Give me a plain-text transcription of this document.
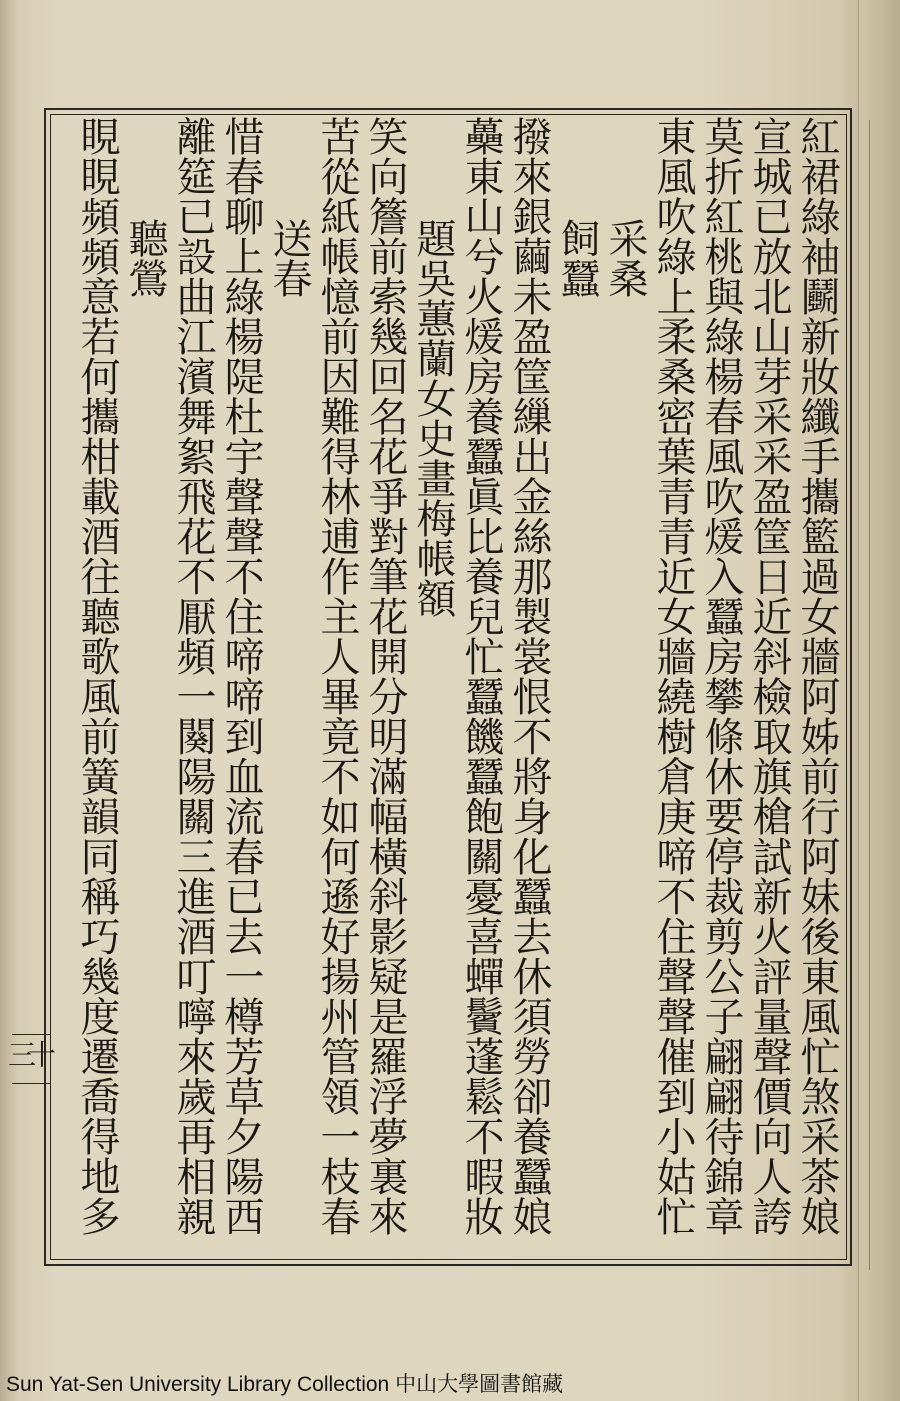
紅裙綠袖鬬新妝纖手攜籃過女牆阿姊前行阿妹後東風忙煞采茶娘
宣城已放北山芽采采盈筐日近斜檢取旗槍試新火評量聲價向人誇
莫折紅桃與綠楊春風吹煖入蠶房攀條休要停裁剪公子翩翩待錦章
東風吹綠上柔桑密葉青青近女牆繞樹倉庚啼不住聲聲催到小姑忙
　采桑
　飼蠶
撥來銀繭未盈筐繅出金絲那製裳恨不將身化蠶去休須勞卻養蠶娘
蘽東山兮火煖房養蠶眞比養兒忙蠶饑蠶飽關憂喜蟬鬢蓬鬆不暇妝
　題吳蕙蘭女史畫梅帳額
笑向簷前索幾回名花爭對筆花開分明滿幅橫斜影疑是羅浮夢裏來
苦從紙帳憶前因難得林逋作主人畢竟不如何遜好揚州管領一枝春
　送春
惜春聊上綠楊隄杜宇聲聲不住啼啼到血流春已去一樽芳草夕陽西
離筵已設曲江濱舞絮飛花不厭頻一闋陽關三進酒叮嚀來歲再相親
　聽鶯
睍睍頻頻意若何攜柑載酒往聽歌風前簧韻同稱巧幾度遷喬得地多
十三
Sun Yat-Sen University Library Collection 中山大學圖書館藏
